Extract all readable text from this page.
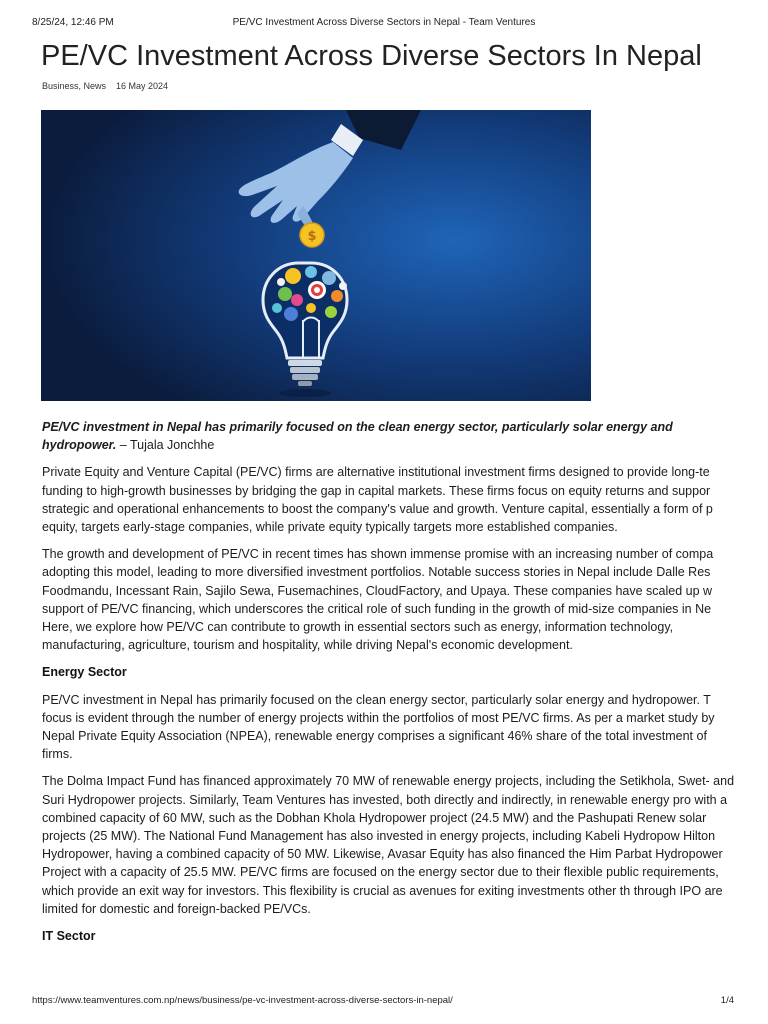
8/25/24, 12:46 PM	PE/VC Investment Across Diverse Sectors in Nepal - Team Ventures
PE/VC Investment Across Diverse Sectors In Nepal
Business, News 16 May 2024
$

PE/VC investment in Nepal has primarily focused on the clean energy sector, particularly solar energy and hydropower. – Tujala Jonchhe

Private Equity and Venture Capital (PE/VC) firms are alternative institutional investment firms designed to provide long-te funding to high-growth businesses by bridging the gap in capital markets. These firms focus on equity returns and suppor strategic and operational enhancements to boost the company's value and growth. Venture capital, essentially a form of p equity, targets early-stage companies, while private equity typically targets more established companies.

The growth and development of PE/VC in recent times has shown immense promise with an increasing number of compa adopting this model, leading to more diversified investment portfolios. Notable success stories in Nepal include Dalle Res Foodmandu, Incessant Rain, Sajilo Sewa, Fusemachines, CloudFactory, and Upaya. These companies have scaled up w support of PE/VC financing, which underscores the critical role of such funding in the growth of mid-size companies in Ne Here, we explore how PE/VC can contribute to growth in essential sectors such as energy, information technology, manufacturing, agriculture, tourism and hospitality, while driving Nepal's economic development.

Energy Sector

PE/VC investment in Nepal has primarily focused on the clean energy sector, particularly solar energy and hydropower. T focus is evident through the number of energy projects within the portfolios of most PE/VC firms. As per a market study by Nepal Private Equity Association (NPEA), renewable energy comprises a significant 46% share of the total investment of firms.

The Dolma Impact Fund has financed approximately 70 MW of renewable energy projects, including the Setikhola, Swet- and Suri Hydropower projects. Similarly, Team Ventures has invested, both directly and indirectly, in renewable energy pro with a combined capacity of 60 MW, such as the Dobhan Khola Hydropower project (24.5 MW) and the Pashupati Renew solar projects (25 MW). The National Fund Management has also invested in energy projects, including Kabeli Hydropow Hilton Hydropower, having a combined capacity of 50 MW. Likewise, Avasar Equity has also financed the Him Parbat Hydropower Project with a capacity of 25.5 MW. PE/VC firms are focused on the energy sector due to their flexible public requirements, which provide an exit way for investors. This flexibility is crucial as avenues for exiting investments other th through IPO are limited for domestic and foreign-backed PE/VCs.

IT Sector
https://www.teamventures.com.np/news/business/pe-vc-investment-across-diverse-sectors-in-nepal/	1/4
